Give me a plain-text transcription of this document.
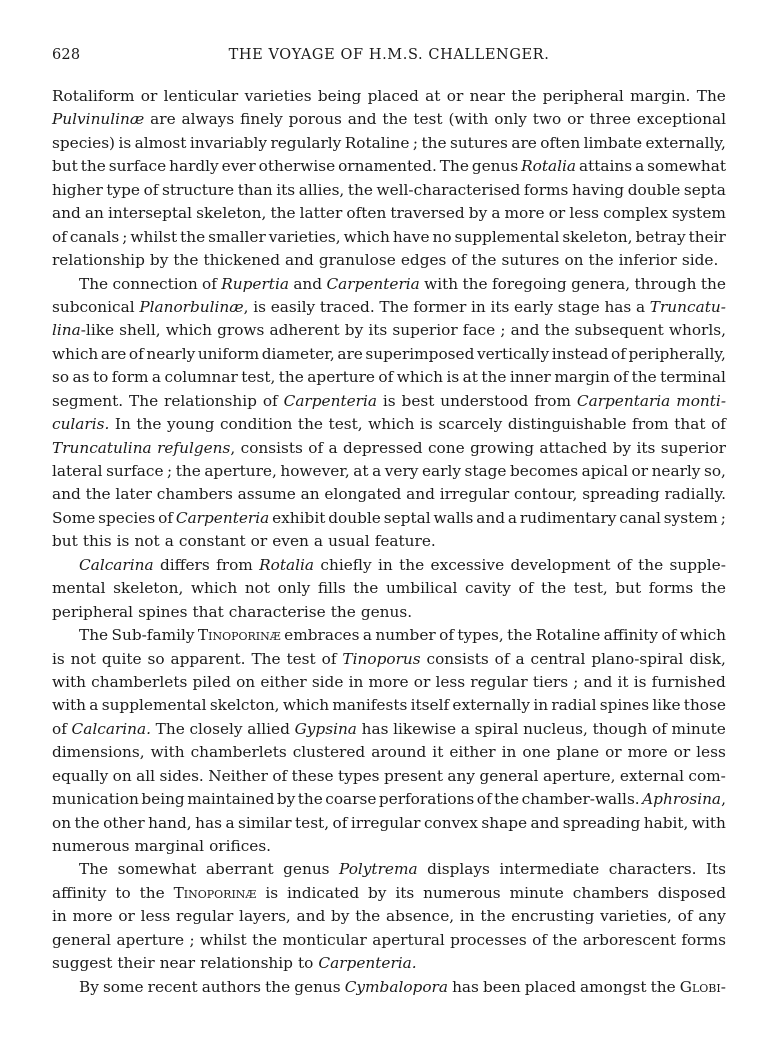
628	THE VOYAGE OF H.M.S. CHALLENGER.
Rotaliform or lenticular varieties being placed at or near the peripheral margin. The
Pulvinulinæ are always finely porous and the test (with only two or three exceptional
species) is almost invariably regularly Rotaline ; the sutures are often limbate externally,
but the surface hardly ever otherwise ornamented. The genus Rotalia attains a somewhat
higher type of structure than its allies, the well-characterised forms having double septa
and an interseptal skeleton, the latter often traversed by a more or less complex system
of canals ; whilst the smaller varieties, which have no supplemental skeleton, betray their
relationship by the thickened and granulose edges of the sutures on the inferior side.
The connection of Rupertia and Carpenteria with the foregoing genera, through the
subconical Planorbulinæ, is easily traced. The former in its early stage has a Truncatu-
lina-like shell, which grows adherent by its superior face ; and the subsequent whorls,
which are of nearly uniform diameter, are superimposed vertically instead of peripherally,
so as to form a columnar test, the aperture of which is at the inner margin of the terminal
segment. The relationship of Carpenteria is best understood from Carpentaria monti-
cularis. In the young condition the test, which is scarcely distinguishable from that of
Truncatulina refulgens, consists of a depressed cone growing attached by its superior
lateral surface ; the aperture, however, at a very early stage becomes apical or nearly so,
and the later chambers assume an elongated and irregular contour, spreading radially.
Some species of Carpenteria exhibit double septal walls and a rudimentary canal system ;
but this is not a constant or even a usual feature.
Calcarina differs from Rotalia chiefly in the excessive development of the supple-
mental skeleton, which not only fills the umbilical cavity of the test, but forms the
peripheral spines that characterise the genus.
The Sub-family Tinoporinæ embraces a number of types, the Rotaline affinity of which
is not quite so apparent. The test of Tinoporus consists of a central plano-spiral disk,
with chamberlets piled on either side in more or less regular tiers ; and it is furnished
with a supplemental skelcton, which manifests itself externally in radial spines like those
of Calcarina. The closely allied Gypsina has likewise a spiral nucleus, though of minute
dimensions, with chamberlets clustered around it either in one plane or more or less
equally on all sides. Neither of these types present any general aperture, external com-
munication being maintained by the coarse perforations of the chamber-walls. Aphrosina,
on the other hand, has a similar test, of irregular convex shape and spreading habit, with
numerous marginal orifices.
The somewhat aberrant genus Polytrema displays intermediate characters. Its
affinity to the Tinoporinæ is indicated by its numerous minute chambers disposed
in more or less regular layers, and by the absence, in the encrusting varieties, of any
general aperture ; whilst the monticular apertural processes of the arborescent forms
suggest their near relationship to Carpenteria.
By some recent authors the genus Cymbalopora has been placed amongst the Globi-
